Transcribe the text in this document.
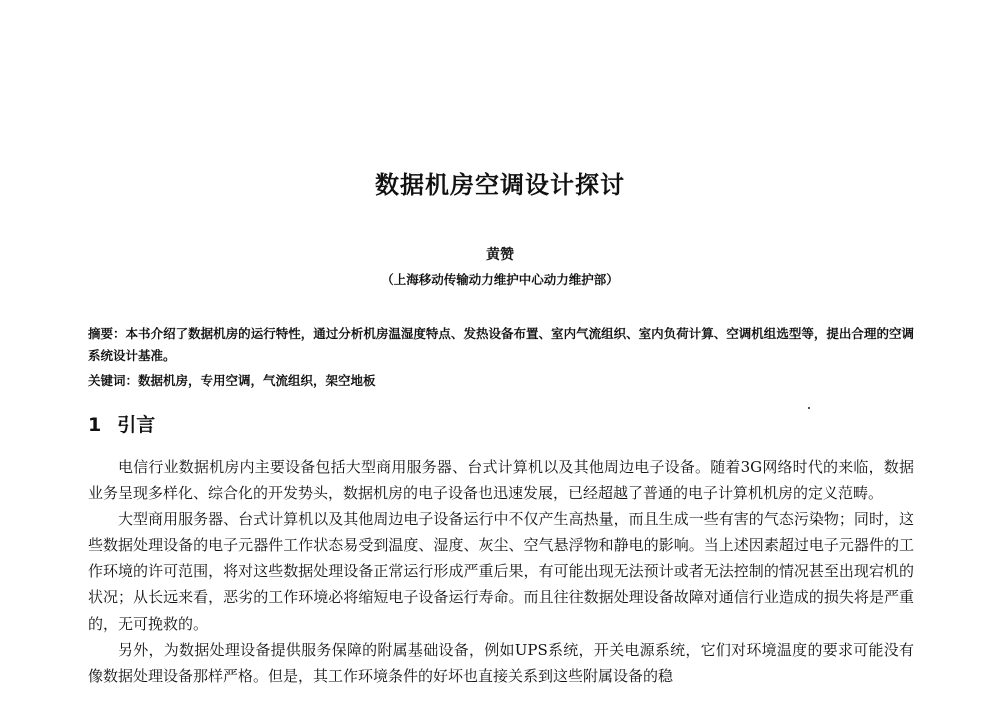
数据机房空调设计探讨
黄赞
（上海移动传输动力维护中心动力维护部）
摘要：本书介绍了数据机房的运行特性，通过分析机房温湿度特点、发热设备布置、室内气流组织、室内负荷计算、空调机组选型等，提出合理的空调系统设计基准。
关键词：数据机房，专用空调，气流组织，架空地板
1 引言

电信行业数据机房内主要设备包括大型商用服务器、台式计算机以及其他周边电子设备。随着3G网络时代的来临，数据业务呈现多样化、综合化的开发势头，数据机房的电子设备也迅速发展，已经超越了普通的电子计算机机房的定义范畴。

大型商用服务器、台式计算机以及其他周边电子设备运行中不仅产生高热量，而且生成一些有害的气态污染物；同时，这些数据处理设备的电子元器件工作状态易受到温度、湿度、灰尘、空气悬浮物和静电的影响。当上述因素超过电子元器件的工作环境的许可范围，将对这些数据处理设备正常运行形成严重后果，有可能出现无法预计或者无法控制的情况甚至出现宕机的状况；从长远来看，恶劣的工作环境必将缩短电子设备运行寿命。而且往往数据处理设备故障对通信行业造成的损失将是严重的，无可挽救的。

另外，为数据处理设备提供服务保障的附属基础设备，例如UPS系统，开关电源系统，它们对环境温度的要求可能没有像数据处理设备那样严格。但是，其工作环境条件的好坏也直接关系到这些附属设备的稳
